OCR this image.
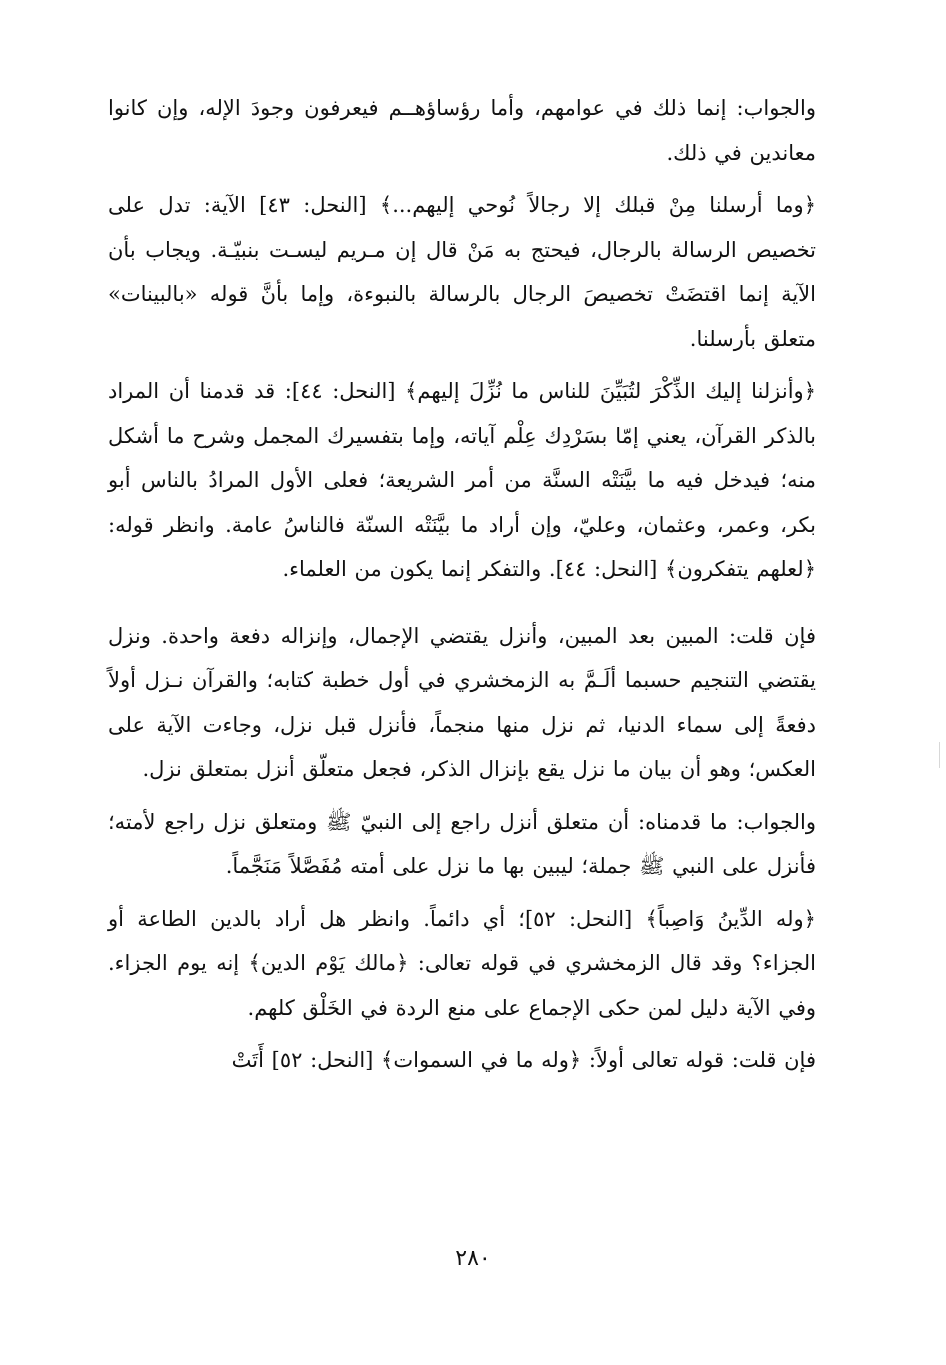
والجواب: إنما ذلك في عوامهم، وأما رؤساؤهــم فيعرفون وجودَ الإله، وإن كانوا معاندين في ذلك.

﴿وما أرسلنا مِنْ قبلك إلا رجالاً نُوحي إليهم...﴾ [النحل: ٤٣] الآية: تدل على تخصيص الرسالة بالرجال، فيحتج به مَنْ قال إن مـريم ليسـت بنبيّـة. ويجاب بأن الآية إنما اقتضَتْ تخصيصَ الرجال بالرسالة بالنبوءة، وإما بأنَّ قوله «بالبينات» متعلق بأرسلنا.

﴿وأنزلنا إليك الذِّكْرَ لتُبَيِّنَ للناس ما نُزِّلَ إليهم﴾ [النحل: ٤٤]: قد قدمنا أن المراد بالذكر القرآن، يعني إمّا بسَرْدِك عِلْم آياته، وإما بتفسيرك المجمل وشرح ما أشكل منه؛ فيدخل فيه ما بيَّنَتْه السنَّة من أمر الشريعة؛ فعلى الأول المرادُ بالناس أبو بكر، وعمر، وعثمان، وعليّ، وإن أراد ما بيَّنَتْه السنّة فالناسُ عامة. وانظر قوله: ﴿لعلهم يتفكرون﴾ [النحل: ٤٤]. والتفكر إنما يكون من العلماء.

فإن قلت: المبين بعد المبين، وأنزل يقتضي الإجمال، وإنزاله دفعة واحدة. ونزل يقتضي التنجيم حسبما ألَـمَّ به الزمخشري في أول خطبة كتابه؛ والقرآن نـزل أولاً دفعةً إلى سماء الدنيا، ثم نزل منها منجماً، فأنزل قبل نزل، وجاءت الآية على العكس؛ وهو أن بيان ما نزل يقع بإنزال الذكر، فجعل متعلّق أنزل بمتعلق نزل.

والجواب: ما قدمناه: أن متعلق أنزل راجع إلى النبيّ ﷺ ومتعلق نزل راجع لأمته؛ فأنزل على النبي ﷺ جملة؛ ليبين بها ما نزل على أمته مُفَصَّلاً مَنَجَّماً.

﴿وله الدِّينُ وَاصِباً﴾ [النحل: ٥٢]؛ أي دائماً. وانظر هل أراد بالدين الطاعة أو الجزاء؟ وقد قال الزمخشري في قوله تعالى: ﴿مالك يَوْم الدين﴾ إنه يوم الجزاء. وفي الآية دليل لمن حكى الإجماع على منع الردة في الخَلْق كلهم.

فإن قلت: قوله تعالى أولاً: ﴿وله ما في السموات﴾ [النحل: ٥٢] أَتَتْ

٢٨٠
